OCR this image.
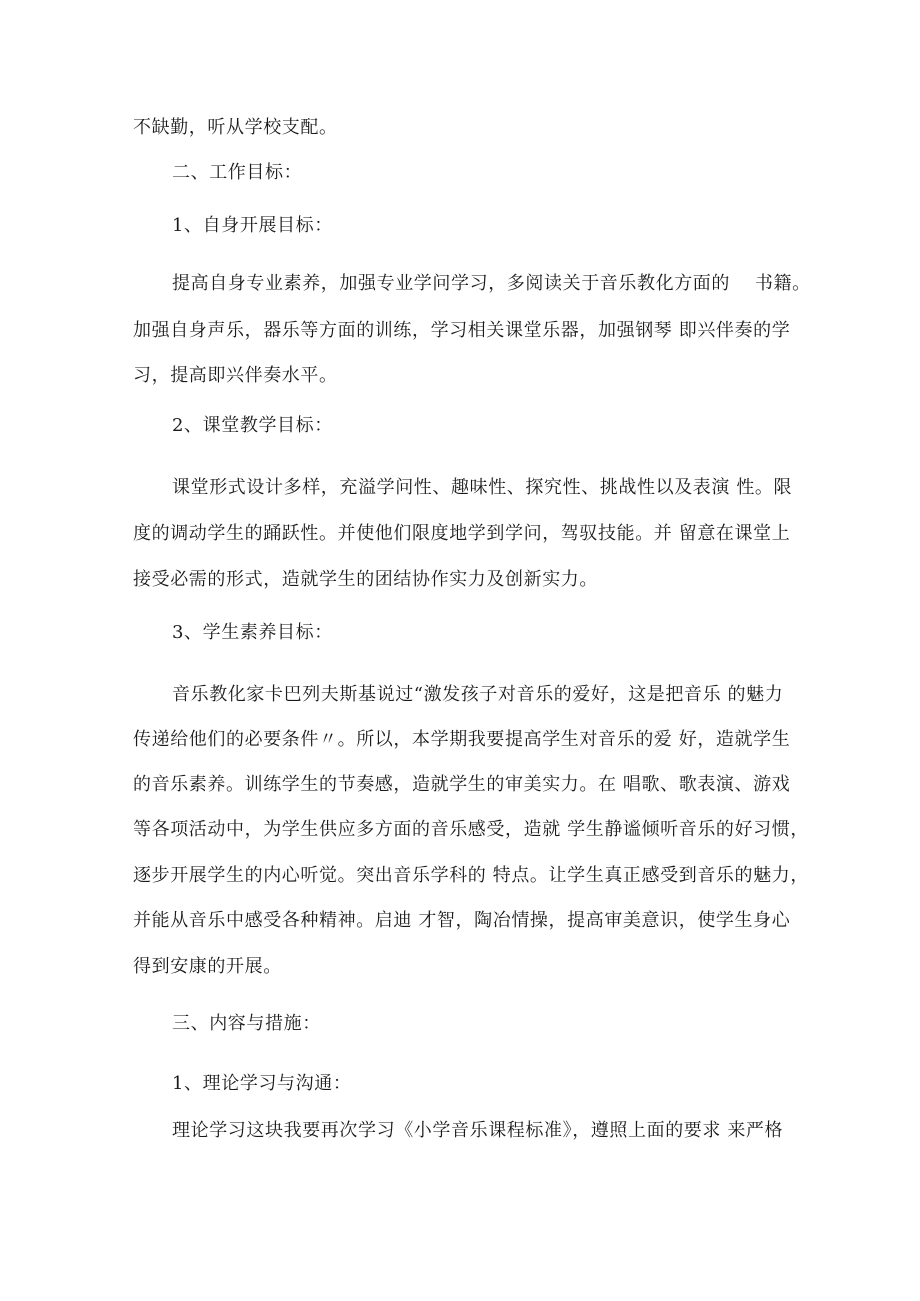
不缺勤，听从学校支配。
二、工作目标：
1、自身开展目标：
提高自身专业素养，加强专业学问学习，多阅读关于音乐教化方面的　 书籍。
加强自身声乐，器乐等方面的训练，学习相关课堂乐器，加强钢琴 即兴伴奏的学
习，提高即兴伴奏水平。
2、课堂教学目标：
课堂形式设计多样，充溢学问性、趣味性、探究性、挑战性以及表演 性。限
度的调动学生的踊跃性。并使他们限度地学到学问，驾驭技能。并 留意在课堂上
接受必需的形式，造就学生的团结协作实力及创新实力。
3、学生素养目标：
音乐教化家卡巴列夫斯基说过“激发孩子对音乐的爱好，这是把音乐 的魅力
传递给他们的必要条件〃。所以，本学期我要提高学生对音乐的爱 好，造就学生
的音乐素养。训练学生的节奏感，造就学生的审美实力。在 唱歌、歌表演、游戏
等各项活动中，为学生供应多方面的音乐感受，造就 学生静谧倾听音乐的好习惯，
逐步开展学生的内心听觉。突出音乐学科的 特点。让学生真正感受到音乐的魅力，
并能从音乐中感受各种精神。启迪 才智，陶冶情操，提高审美意识，使学生身心
得到安康的开展。
三、内容与措施：
1、理论学习与沟通：
理论学习这块我要再次学习《小学音乐课程标准》，遵照上面的要求 来严格
